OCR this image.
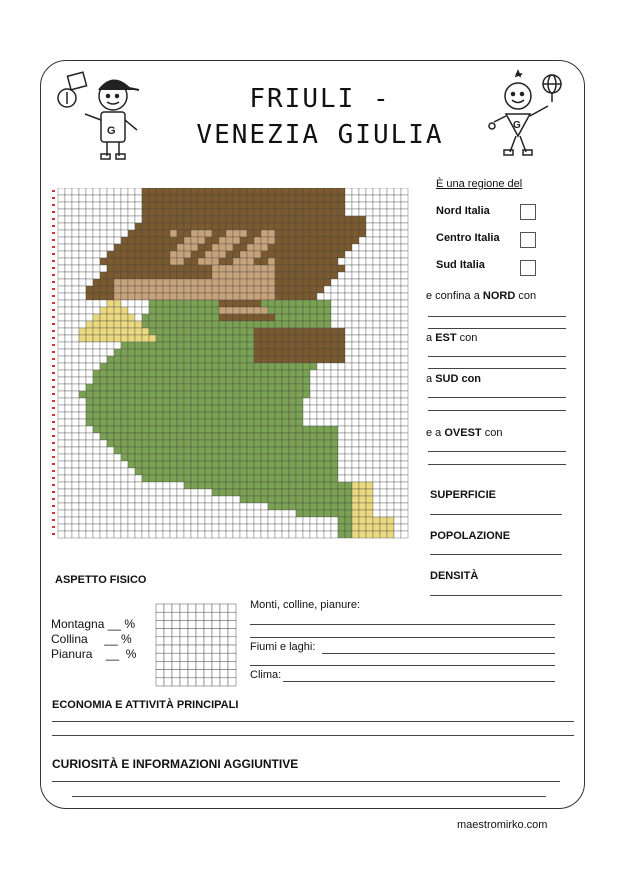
FRIULI -
VENEZIA GIULIA
G	G
È una regione del
Nord Italia
Centro Italia
Sud Italia
e confina a NORD con
a EST con
a SUD con
e a OVEST con
SUPERFICIE
POPOLAZIONE
DENSITÀ
ASPETTO FISICO
Montagna __ %
Collina     __ %
Pianura    __  %
Monti, colline, pianure:
Fiumi e laghi:
Clima:
ECONOMIA E ATTIVITÀ PRINCIPALI
CURIOSITÀ E INFORMAZIONI AGGIUNTIVE
maestromirko.com
